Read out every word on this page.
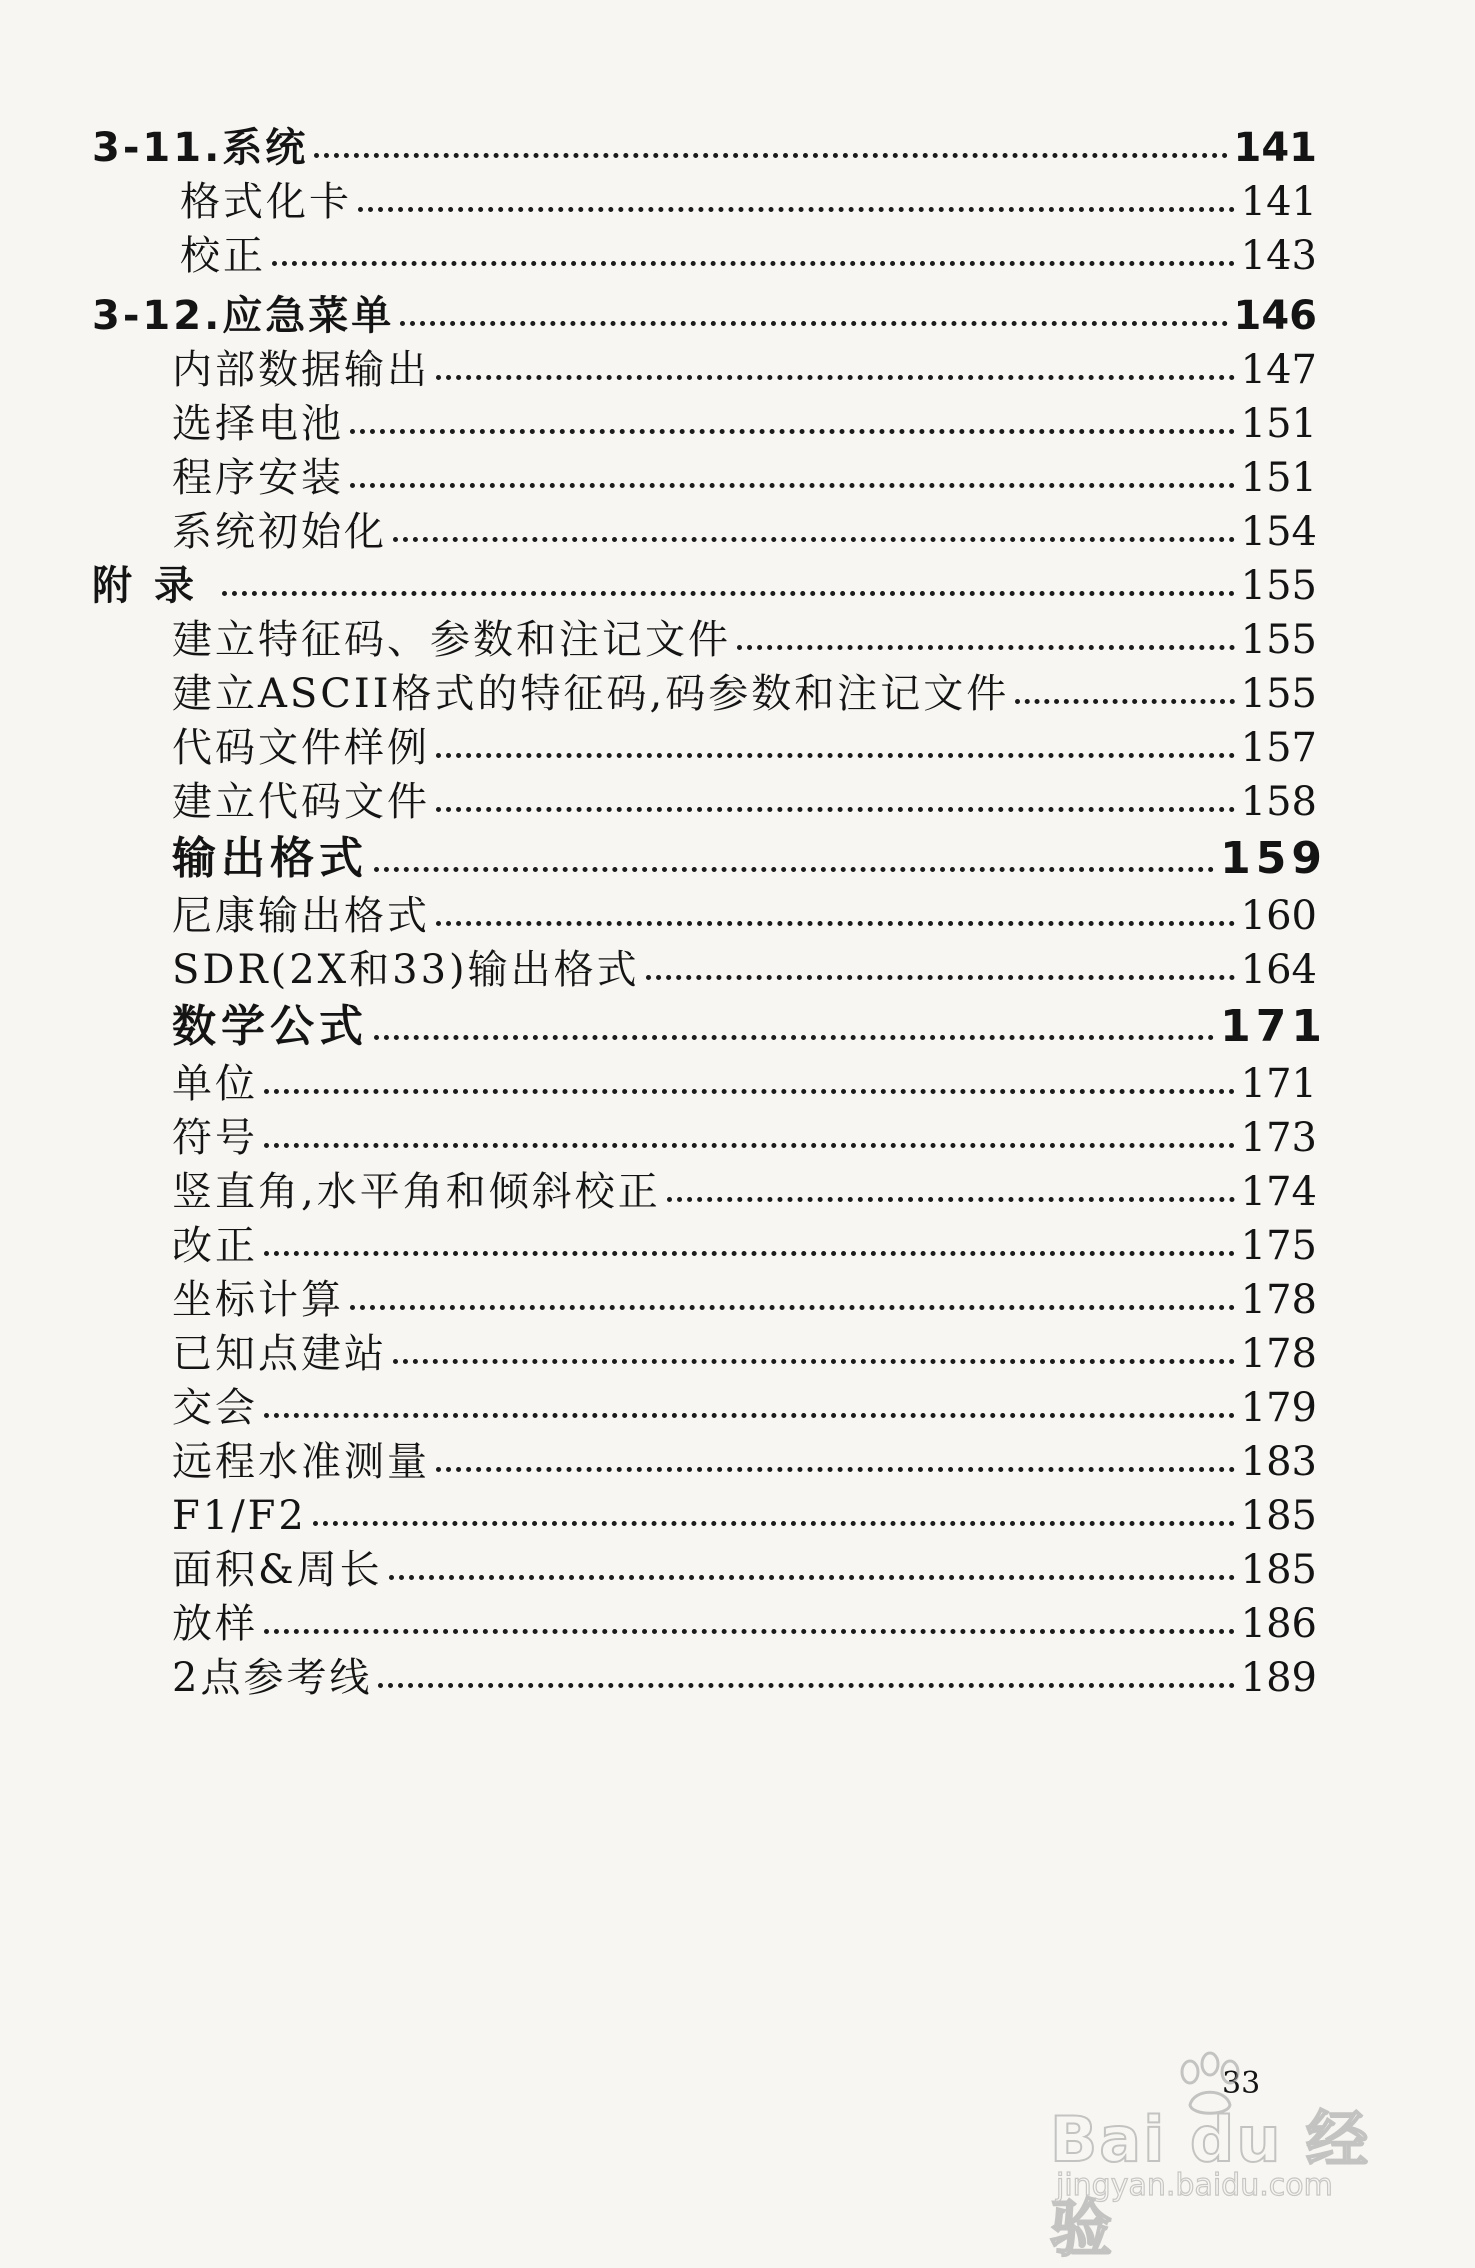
3-11.系统	141
格式化卡	141
校正	143
3-12.应急菜单	146
内部数据输出	147
选择电池	151
程序安装	151
系统初始化	154
附录	155
建立特征码、参数和注记文件	155
建立ASCII格式的特征码,码参数和注记文件	155
代码文件样例	157
建立代码文件	158
输出格式	159
尼康输出格式	160
SDR(2X和33)输出格式	164
数学公式	171
单位	171
符号	173
竖直角,水平角和倾斜校正	174
改正	175
坐标计算	178
已知点建站	178
交会	179
远程水准测量	183
F1/F2	185
面积&周长	185
放样	186
2点参考线	189
33
Bai du 经验
jingyan.baidu.com
